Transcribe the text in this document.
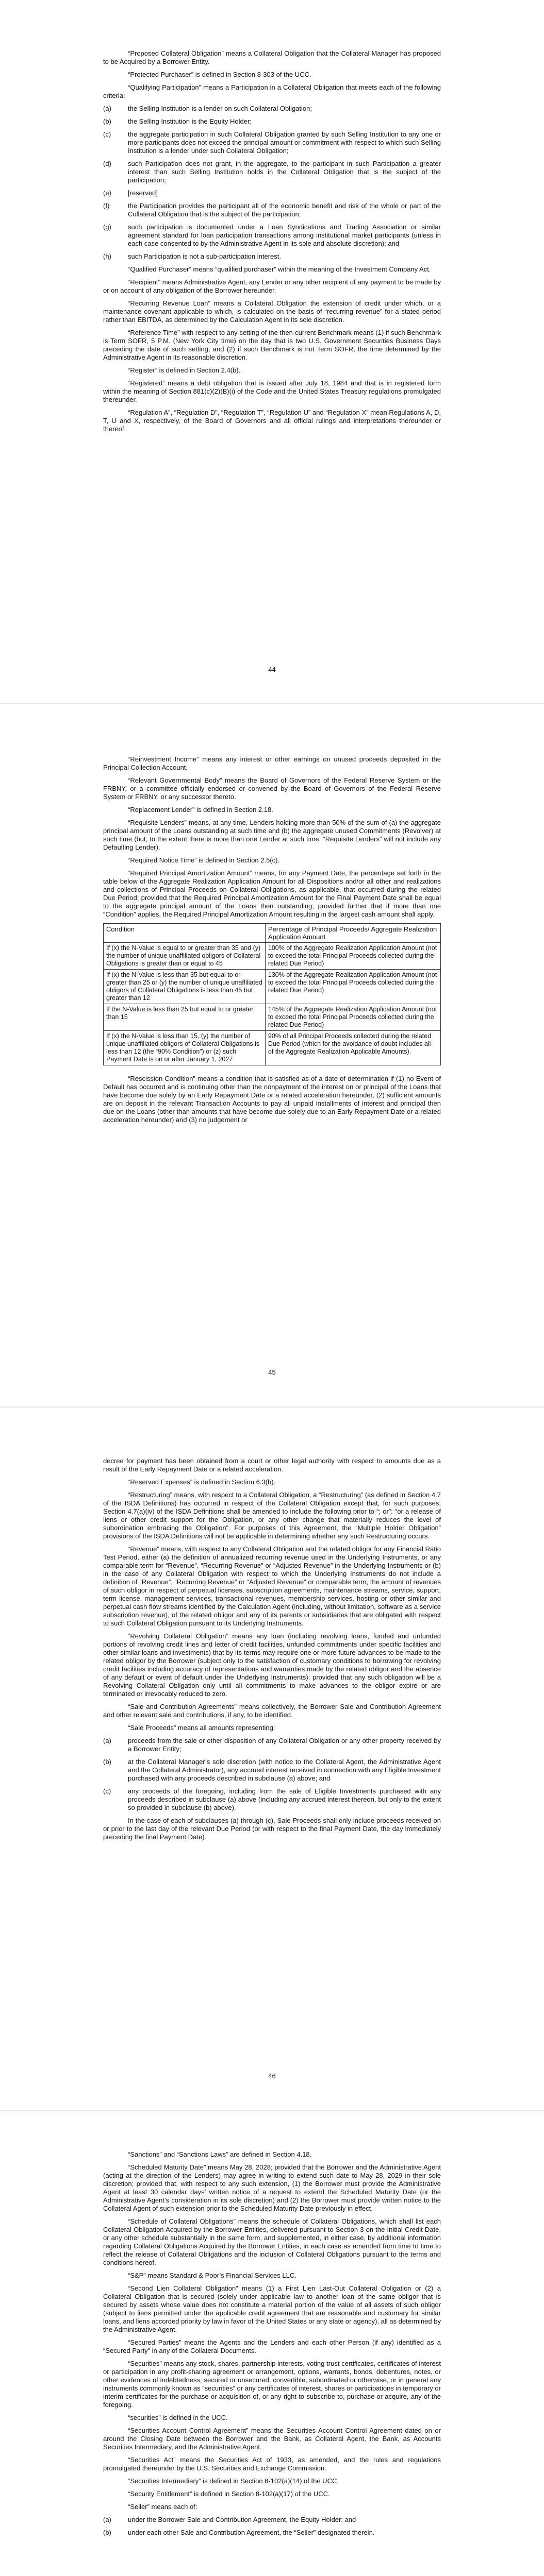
“Proposed Collateral Obligation” means a Collateral Obligation that the Collateral Manager has proposed to be Acquired by a Borrower Entity.

“Protected Purchaser” is defined in Section 8-303 of the UCC.

“Qualifying Participation” means a Participation in a Collateral Obligation that meets each of the following criteria:

(a) the Selling Institution is a lender on such Collateral Obligation;

(b) the Selling Institution is the Equity Holder;

(c)	the aggregate participation in such Collateral Obligation granted by such Selling Institution to any one or more participants does not exceed the principal amount or commitment with respect to which such Selling Institution is a lender under such Collateral Obligation;

(d) such Participation does not grant, in the aggregate, to the participant in such Participation a greater interest than such Selling Institution holds in the Collateral Obligation that is the subject of the participation;

(e) [reserved]

(f)	the Participation provides the participant all of the economic benefit and risk of the whole or part of the Collateral Obligation that is the subject of the participation;

(g) such participation is documented under a Loan Syndications and Trading Association or similar agreement standard for loan participation transactions among institutional market participants (unless in each case consented to by the Administrative Agent in its sole and absolute discretion); and

(h) such Participation is not a sub-participation interest.

“Qualified Purchaser” means “qualified purchaser” within the meaning of the Investment Company Act.

“Recipient” means Administrative Agent, any Lender or any other recipient of any payment to be made by or on account of any obligation of the Borrower hereunder.

“Recurring Revenue Loan” means a Collateral Obligation the extension of credit under which, or a maintenance covenant applicable to which, is calculated on the basis of “recurring revenue” for a stated period rather than EBITDA, as determined by the Calculation Agent in its sole discretion.

“Reference Time” with respect to any setting of the then-current Benchmark means (1) if such Benchmark is Term SOFR, 5 P.M. (New York City time) on the day that is two U.S. Government Securities Business Days preceding the date of such setting, and (2) if such Benchmark is not Term SOFR, the time determined by the Administrative Agent in its reasonable discretion.

“Register” is defined in Section 2.4(b).

“Registered” means a debt obligation that is issued after July 18, 1984 and that is in registered form within the meaning of Section 881(c)(2)(B)(i) of the Code and the United States Treasury regulations promulgated thereunder.

“Regulation A”, “Regulation D”, “Regulation T”, “Regulation U” and “Regulation X” mean Regulations A, D, T, U and X, respectively, of the Board of Governors and all official rulings and interpretations thereunder or thereof.

44

“Reinvestment Income” means any interest or other earnings on unused proceeds deposited in the Principal Collection Account.

“Relevant Governmental Body” means the Board of Governors of the Federal Reserve System or the FRBNY, or a committee officially endorsed or convened by the Board of Governors of the Federal Reserve System or FRBNY, or any successor thereto.

“Replacement Lender” is defined in Section 2.18.

“Requisite Lenders” means, at any time, Lenders holding more than 50% of the sum of (a) the aggregate principal amount of the Loans outstanding at such time and (b) the aggregate unused Commitments (Revolver) at such time (but, to the extent there is more than one Lender at such time, “Requisite Lenders” will not include any Defaulting Lender).

“Required Notice Time” is defined in Section 2.5(c).

“Required Principal Amortization Amount” means, for any Payment Date, the percentage set forth in the table below of the Aggregate Realization Application Amount for all Dispositions and/or all other and realizations and collections of Principal Proceeds on Collateral Obligations, as applicable, that occurred during the related Due Period; provided that the Required Principal Amortization Amount for the Final Payment Date shall be equal to the aggregate principal amount of the Loans then outstanding; provided further that if more than one “Condition” applies, the Required Principal Amortization Amount resulting in the largest cash amount shall apply.

Condition	Percentage of Principal Proceeds/ Aggregate Realization Application Amount
If (x) the N-Value is equal to or greater than 35 and (y) the number of unique unaffiliated obligors of Collateral Obligations is greater than or equal to 45	100% of the Aggregate Realization Application Amount (not to exceed the total Principal Proceeds collected during the related Due Period)
If (x) the N-Value is less than 35 but equal to or greater than 25 or (y) the number of unique unaffiliated obligors of Collateral Obligations is less than 45 but greater than 12	130% of the Aggregate Realization Application Amount (not to exceed the total Principal Proceeds collected during the related Due Period)
If the N-Value is less than 25 but equal to or greater than 15	145% of the Aggregate Realization Application Amount (not to exceed the total Principal Proceeds collected during the related Due Period)
If (x) the N-Value is less than 15, (y) the number of unique unaffiliated obligors of Collateral Obligations is less than 12 (the “90% Condition”) or (z) such Payment Date is on or after January 1, 2027	90% of all Principal Proceeds collected during the related Due Period (which for the avoidance of doubt includes all of the Aggregate Realization Applicable Amounts).

“Rescission Condition” means a condition that is satisfied as of a date of determination if (1) no Event of Default has occurred and is continuing other than the nonpayment of the interest on or principal of the Loans that have become due solely by an Early Repayment Date or a related acceleration hereunder, (2) sufficient amounts are on deposit in the relevant Transaction Accounts to pay all unpaid installments of interest and principal then due on the Loans (other than amounts that have become due solely due to an Early Repayment Date or a related acceleration hereunder) and (3) no judgement or

45

decree for payment has been obtained from a court or other legal authority with respect to amounts due as a result of the Early Repayment Date or a related acceleration.

“Reserved Expenses” is defined in Section 6.3(b).

“Restructuring” means, with respect to a Collateral Obligation, a “Restructuring” (as defined in Section 4.7 of the ISDA Definitions) has occurred in respect of the Collateral Obligation except that, for such purposes, Section 4.7(a)(iv) of the ISDA Definitions shall be amended to include the following prior to “; or”: “or a release of liens or other credit support for the Obligation, or any other change that materially reduces the level of subordination embracing the Obligation”. For purposes of this Agreement, the “Multiple Holder Obligation” provisions of the ISDA Definitions will not be applicable in determining whether any such Restructuring occurs.

“Revenue” means, with respect to any Collateral Obligation and the related obligor for any Financial Ratio Test Period, either (a) the definition of annualized recurring revenue used in the Underlying Instruments, or any comparable term for “Revenue”, “Recurring Revenue” or “Adjusted Revenue” in the Underlying Instruments or (b) in the case of any Collateral Obligation with respect to which the Underlying Instruments do not include a definition of “Revenue”, “Recurring Revenue” or “Adjusted Revenue” or comparable term, the amount of revenues of such obligor in respect of perpetual licenses, subscription agreements, maintenance streams, service, support, term license, management services, transactional revenues, membership services, hosting or other similar and perpetual cash flow streams identified by the Calculation Agent (including, without limitation, software as a service subscription revenue), of the related obligor and any of its parents or subsidiaries that are obligated with respect to such Collateral Obligation pursuant to its Underlying Instruments.

“Revolving Collateral Obligation” means any loan (including revolving loans, funded and unfunded portions of revolving credit lines and letter of credit facilities, unfunded commitments under specific facilities and other similar loans and investments) that by its terms may require one or more future advances to be made to the related obligor by the Borrower (subject only to the satisfaction of customary conditions to borrowing for revolving credit facilities including accuracy of representations and warranties made by the related obligor and the absence of any default or event of default under the Underlying Instruments); provided that any such obligation will be a Revolving Collateral Obligation only until all commitments to make advances to the obligor expire or are terminated or irrevocably reduced to zero.

“Sale and Contribution Agreements” means collectively, the Borrower Sale and Contribution Agreement and other relevant sale and contributions, if any, to be identified.

“Sale Proceeds” means all amounts representing:

(a) proceeds from the sale or other disposition of any Collateral Obligation or any other property received by a Borrower Entity;

(b) at the Collateral Manager’s sole discretion (with notice to the Collateral Agent, the Administrative Agent and the Collateral Administrator), any accrued interest received in connection with any Eligible Investment purchased with any proceeds described in subclause (a) above; and

(c)	any proceeds of the foregoing, including from the sale of Eligible Investments purchased with any proceeds described in subclause (a) above (including any accrued interest thereon, but only to the extent so provided in subclause (b) above).

In the case of each of subclauses (a) through (c), Sale Proceeds shall only include proceeds received on or prior to the last day of the relevant Due Period (or with respect to the final Payment Date, the day immediately preceding the final Payment Date).

46

“Sanctions” and “Sanctions Laws” are defined in Section 4.18.

“Scheduled Maturity Date” means May 28, 2028; provided that the Borrower and the Administrative Agent (acting at the direction of the Lenders) may agree in writing to extend such date to May 28, 2029 in their sole discretion; provided that, with respect to any such extension, (1) the Borrower must provide the Administrative Agent at least 30 calendar days’ written notice of a request to extend the Scheduled Maturity Date (or the Administrative Agent’s consideration in its sole discretion) and (2) the Borrower must provide written notice to the Collateral Agent of such extension prior to the Scheduled Maturity Date previously in effect.

“Schedule of Collateral Obligations” means the schedule of Collateral Obligations, which shall list each Collateral Obligation Acquired by the Borrower Entities, delivered pursuant to Section 3 on the Initial Credit Date, or any other schedule substantially in the same form, and supplemented, in either case, by additional information regarding Collateral Obligations Acquired by the Borrower Entities, in each case as amended from time to time to reflect the release of Collateral Obligations and the inclusion of Collateral Obligations pursuant to the terms and conditions hereof.

“S&P” means Standard & Poor’s Financial Services LLC.

“Second Lien Collateral Obligation” means (1) a First Lien Last-Out Collateral Obligation or (2) a Collateral Obligation that is secured (solely under applicable law to another loan of the same obligor that is secured by assets whose value does not constitute a material portion of the value of all assets of such obligor (subject to liens permitted under the applicable credit agreement that are reasonable and customary for similar loans, and liens accorded priority by law in favor of the United States or any state or agency), all as determined by the Administrative Agent.

“Secured Parties” means the Agents and the Lenders and each other Person (if any) identified as a “Secured Party” in any of the Collateral Documents.

“Securities” means any stock, shares, partnership interests, voting trust certificates, certificates of interest or participation in any profit-sharing agreement or arrangement, options, warrants, bonds, debentures, notes, or other evidences of indebtedness, secured or unsecured, convertible, subordinated or otherwise, or in general any instruments commonly known as “securities” or any certificates of interest, shares or participations in temporary or interim certificates for the purchase or acquisition of, or any right to subscribe to, purchase or acquire, any of the foregoing.

“securities” is defined in the UCC.

“Securities Account Control Agreement” means the Securities Account Control Agreement dated on or around the Closing Date between the Borrower and the Bank, as Collateral Agent, the Bank, as Accounts Securities Intermediary, and the Administrative Agent.

“Securities Act” means the Securities Act of 1933, as amended, and the rules and regulations promulgated thereunder by the U.S. Securities and Exchange Commission.

“Securities Intermediary” is defined in Section 8-102(a)(14) of the UCC.

“Security Entitlement” is defined in Section 8-102(a)(17) of the UCC.

“Seller” means each of:

(a) under the Borrower Sale and Contribution Agreement, the Equity Holder; and

(b) under each other Sale and Contribution Agreement, the “Seller” designated therein.
